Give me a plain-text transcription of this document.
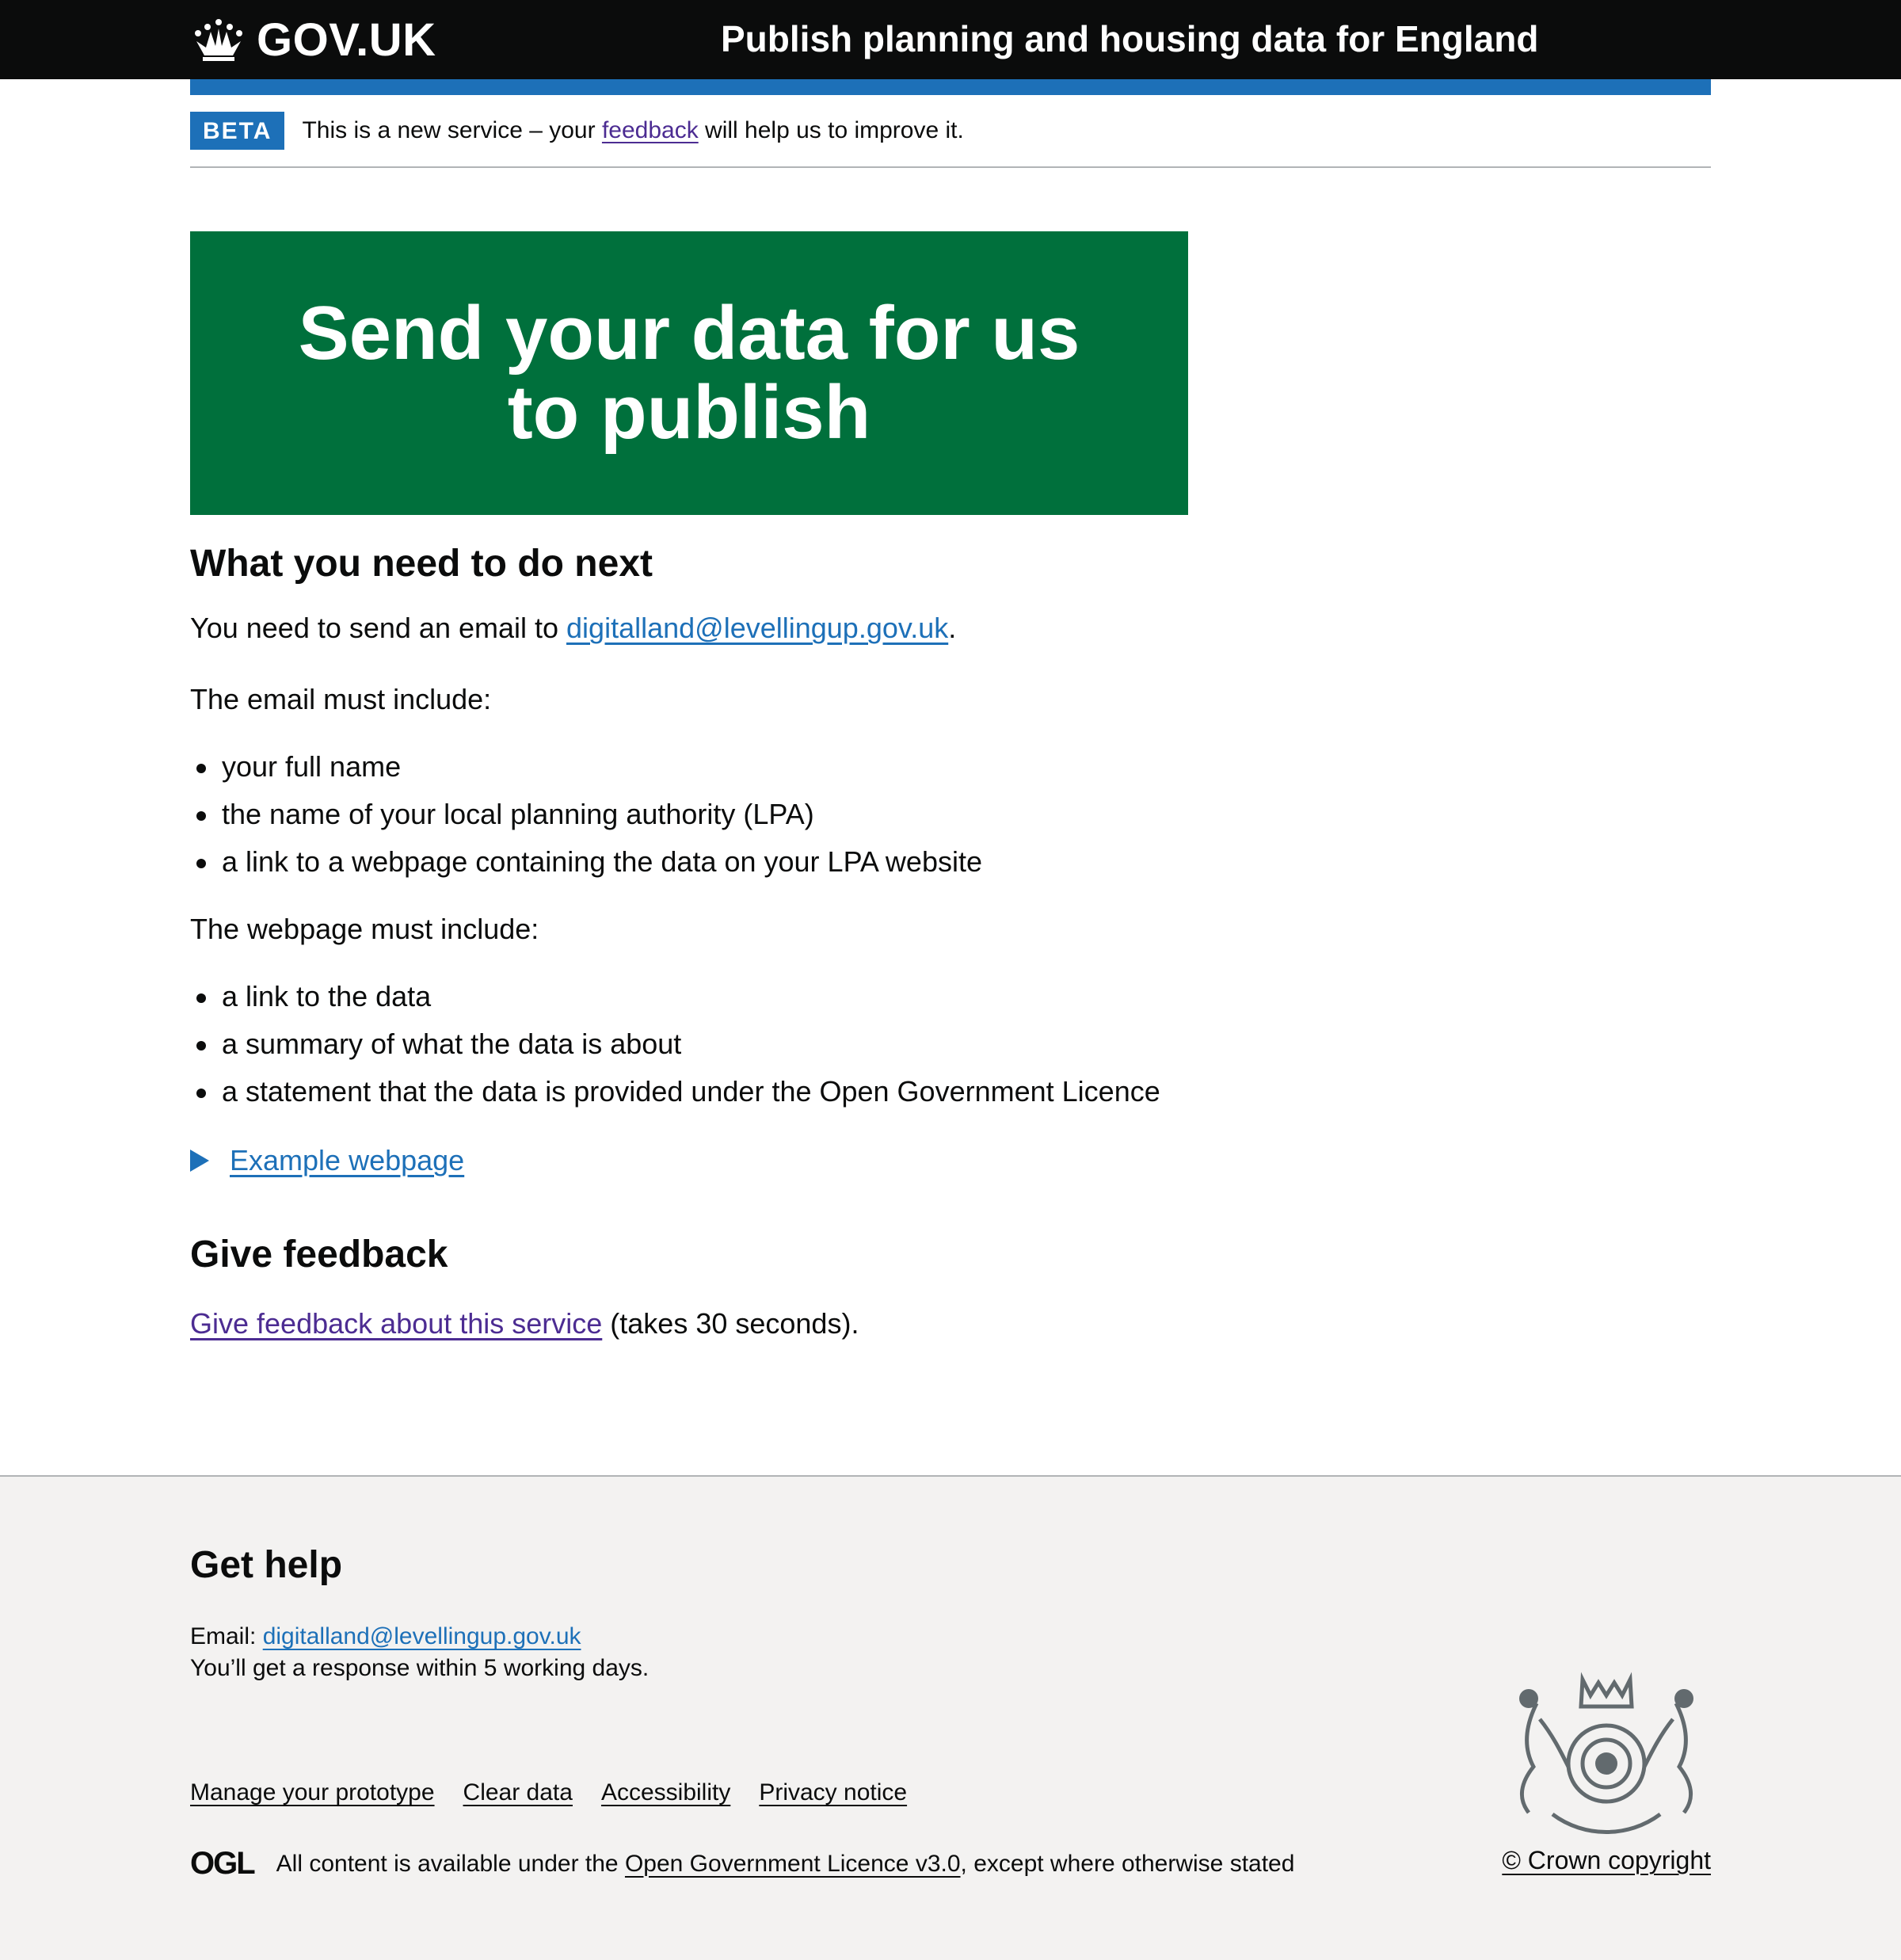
GOV.UK	Publish planning and housing data for England
BETA	This is a new service – your feedback will help us to improve it.
Send your data for us to publish
What you need to do next

You need to send an email to digitalland@levellingup.gov.uk.

The email must include:

your full name
the name of your local planning authority (LPA)
a link to a webpage containing the data on your LPA website

The webpage must include:

a link to the data
a summary of what the data is about
a statement that the data is provided under the Open Government Licence
Example webpage
Give feedback

Give feedback about this service (takes 30 seconds).

Get help
Email: digitalland@levellingup.gov.uk
You’ll get a response within 5 working days.
Manage your prototype Clear data Accessibility Privacy notice
OGL All content is available under the Open Government Licence v3.0, except where otherwise stated	© Crown copyright
